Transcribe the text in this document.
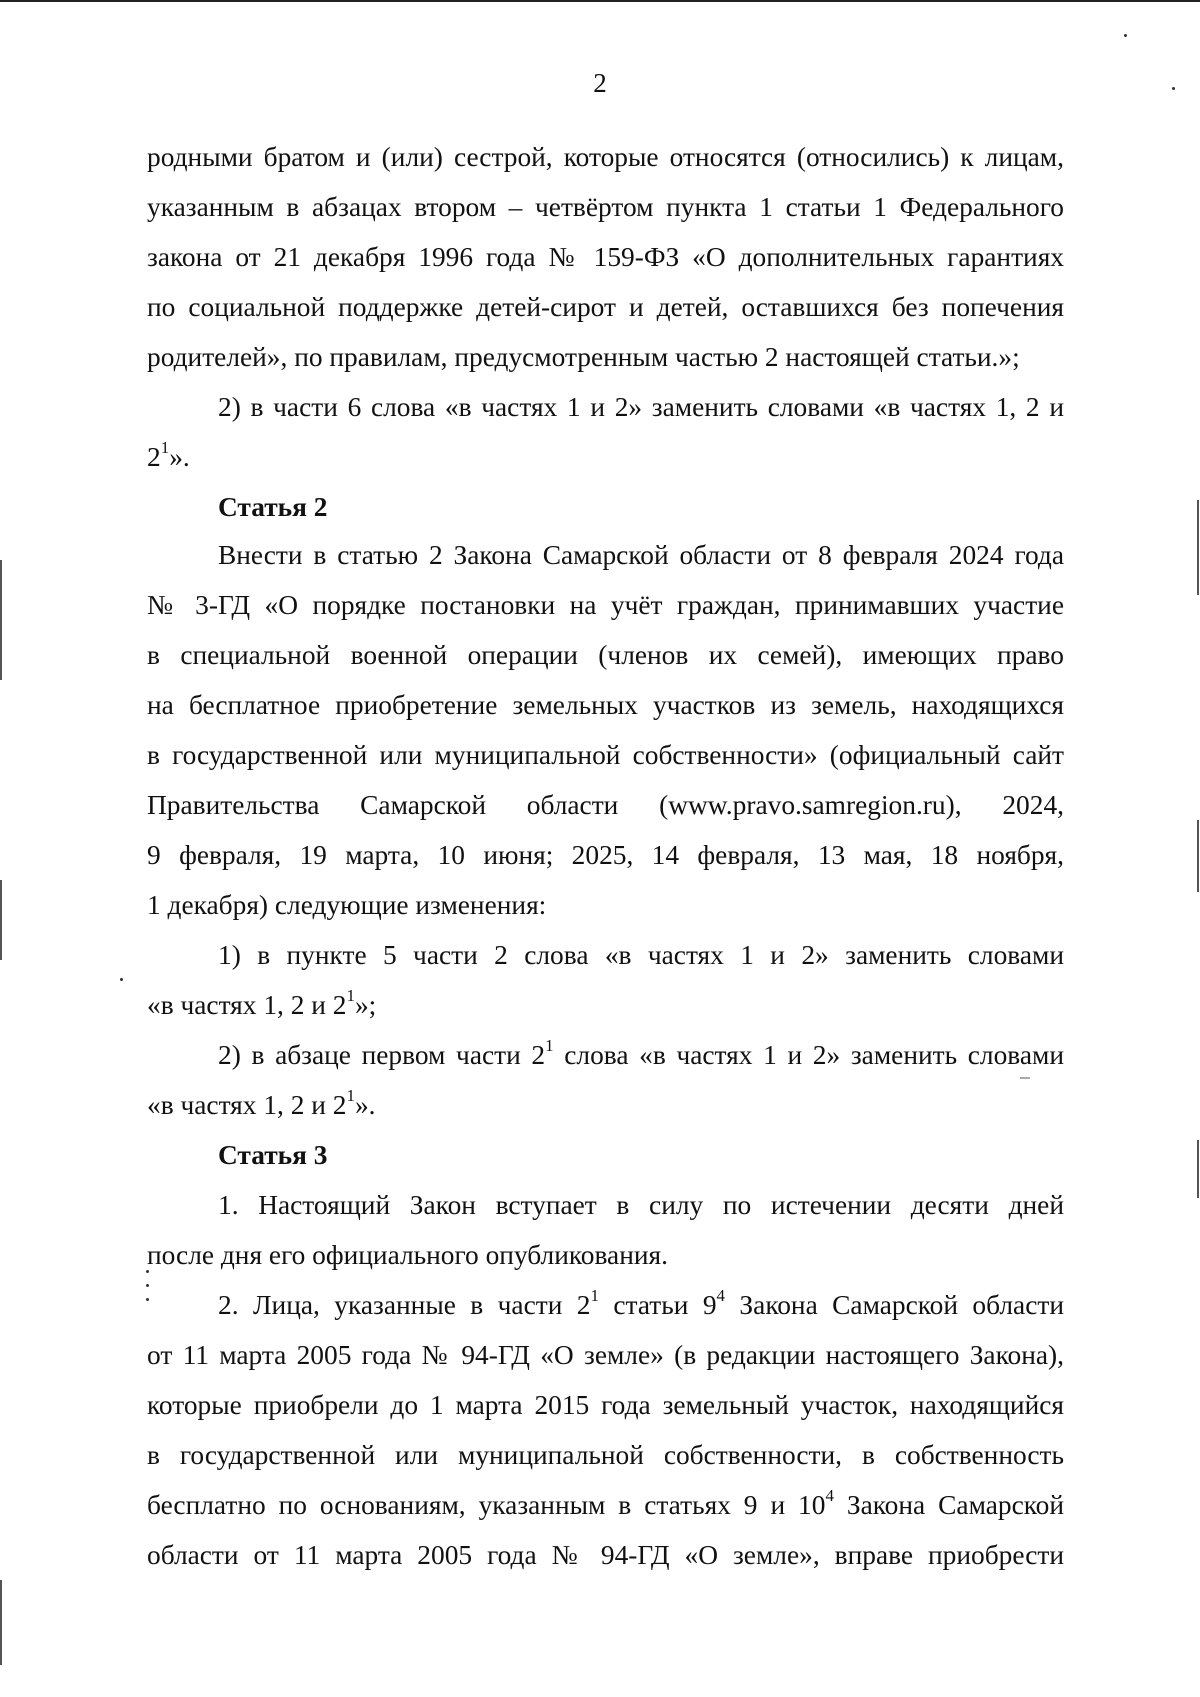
2
родными братом и (или) сестрой, которые относятся (относились) к лицам,
указанным в абзацах втором – четвёртом пункта 1 статьи 1 Федерального
закона от 21 декабря 1996 года № 159-ФЗ «О дополнительных гарантиях
по социальной поддержке детей-сирот и детей, оставшихся без попечения
родителей», по правилам, предусмотренным частью 2 настоящей статьи.»;
2) в части 6 слова «в частях 1 и 2» заменить словами «в частях 1, 2 и
$2^1$».
Статья 2
Внести в статью 2 Закона Самарской области от 8 февраля 2024 года
№ 3-ГД «О порядке постановки на учёт граждан, принимавших участие
в специальной военной операции (членов их семей), имеющих право
на бесплатное приобретение земельных участков из земель, находящихся
в государственной или муниципальной собственности» (официальный сайт
Правительства Самарской области (www.pravo.samregion.ru), 2024,
9 февраля, 19 марта, 10 июня; 2025, 14 февраля, 13 мая, 18 ноября,
1 декабря) следующие изменения:
1) в пункте 5 части 2 слова «в частях 1 и 2» заменить словами
«в частях 1, 2 и $2^1$»;
2) в абзаце первом части $2^1$ слова «в частях 1 и 2» заменить словами
«в частях 1, 2 и $2^1$».
Статья 3
1. Настоящий Закон вступает в силу по истечении десяти дней
после дня его официального опубликования.
2. Лица, указанные в части $2^1$ статьи $9^4$ Закона Самарской области
от 11 марта 2005 года № 94-ГД «О земле» (в редакции настоящего Закона),
которые приобрели до 1 марта 2015 года земельный участок, находящийся
в государственной или муниципальной собственности, в собственность
бесплатно по основаниям, указанным в статьях 9 и $10^4$ Закона Самарской
области от 11 марта 2005 года № 94-ГД «О земле», вправе приобрести
